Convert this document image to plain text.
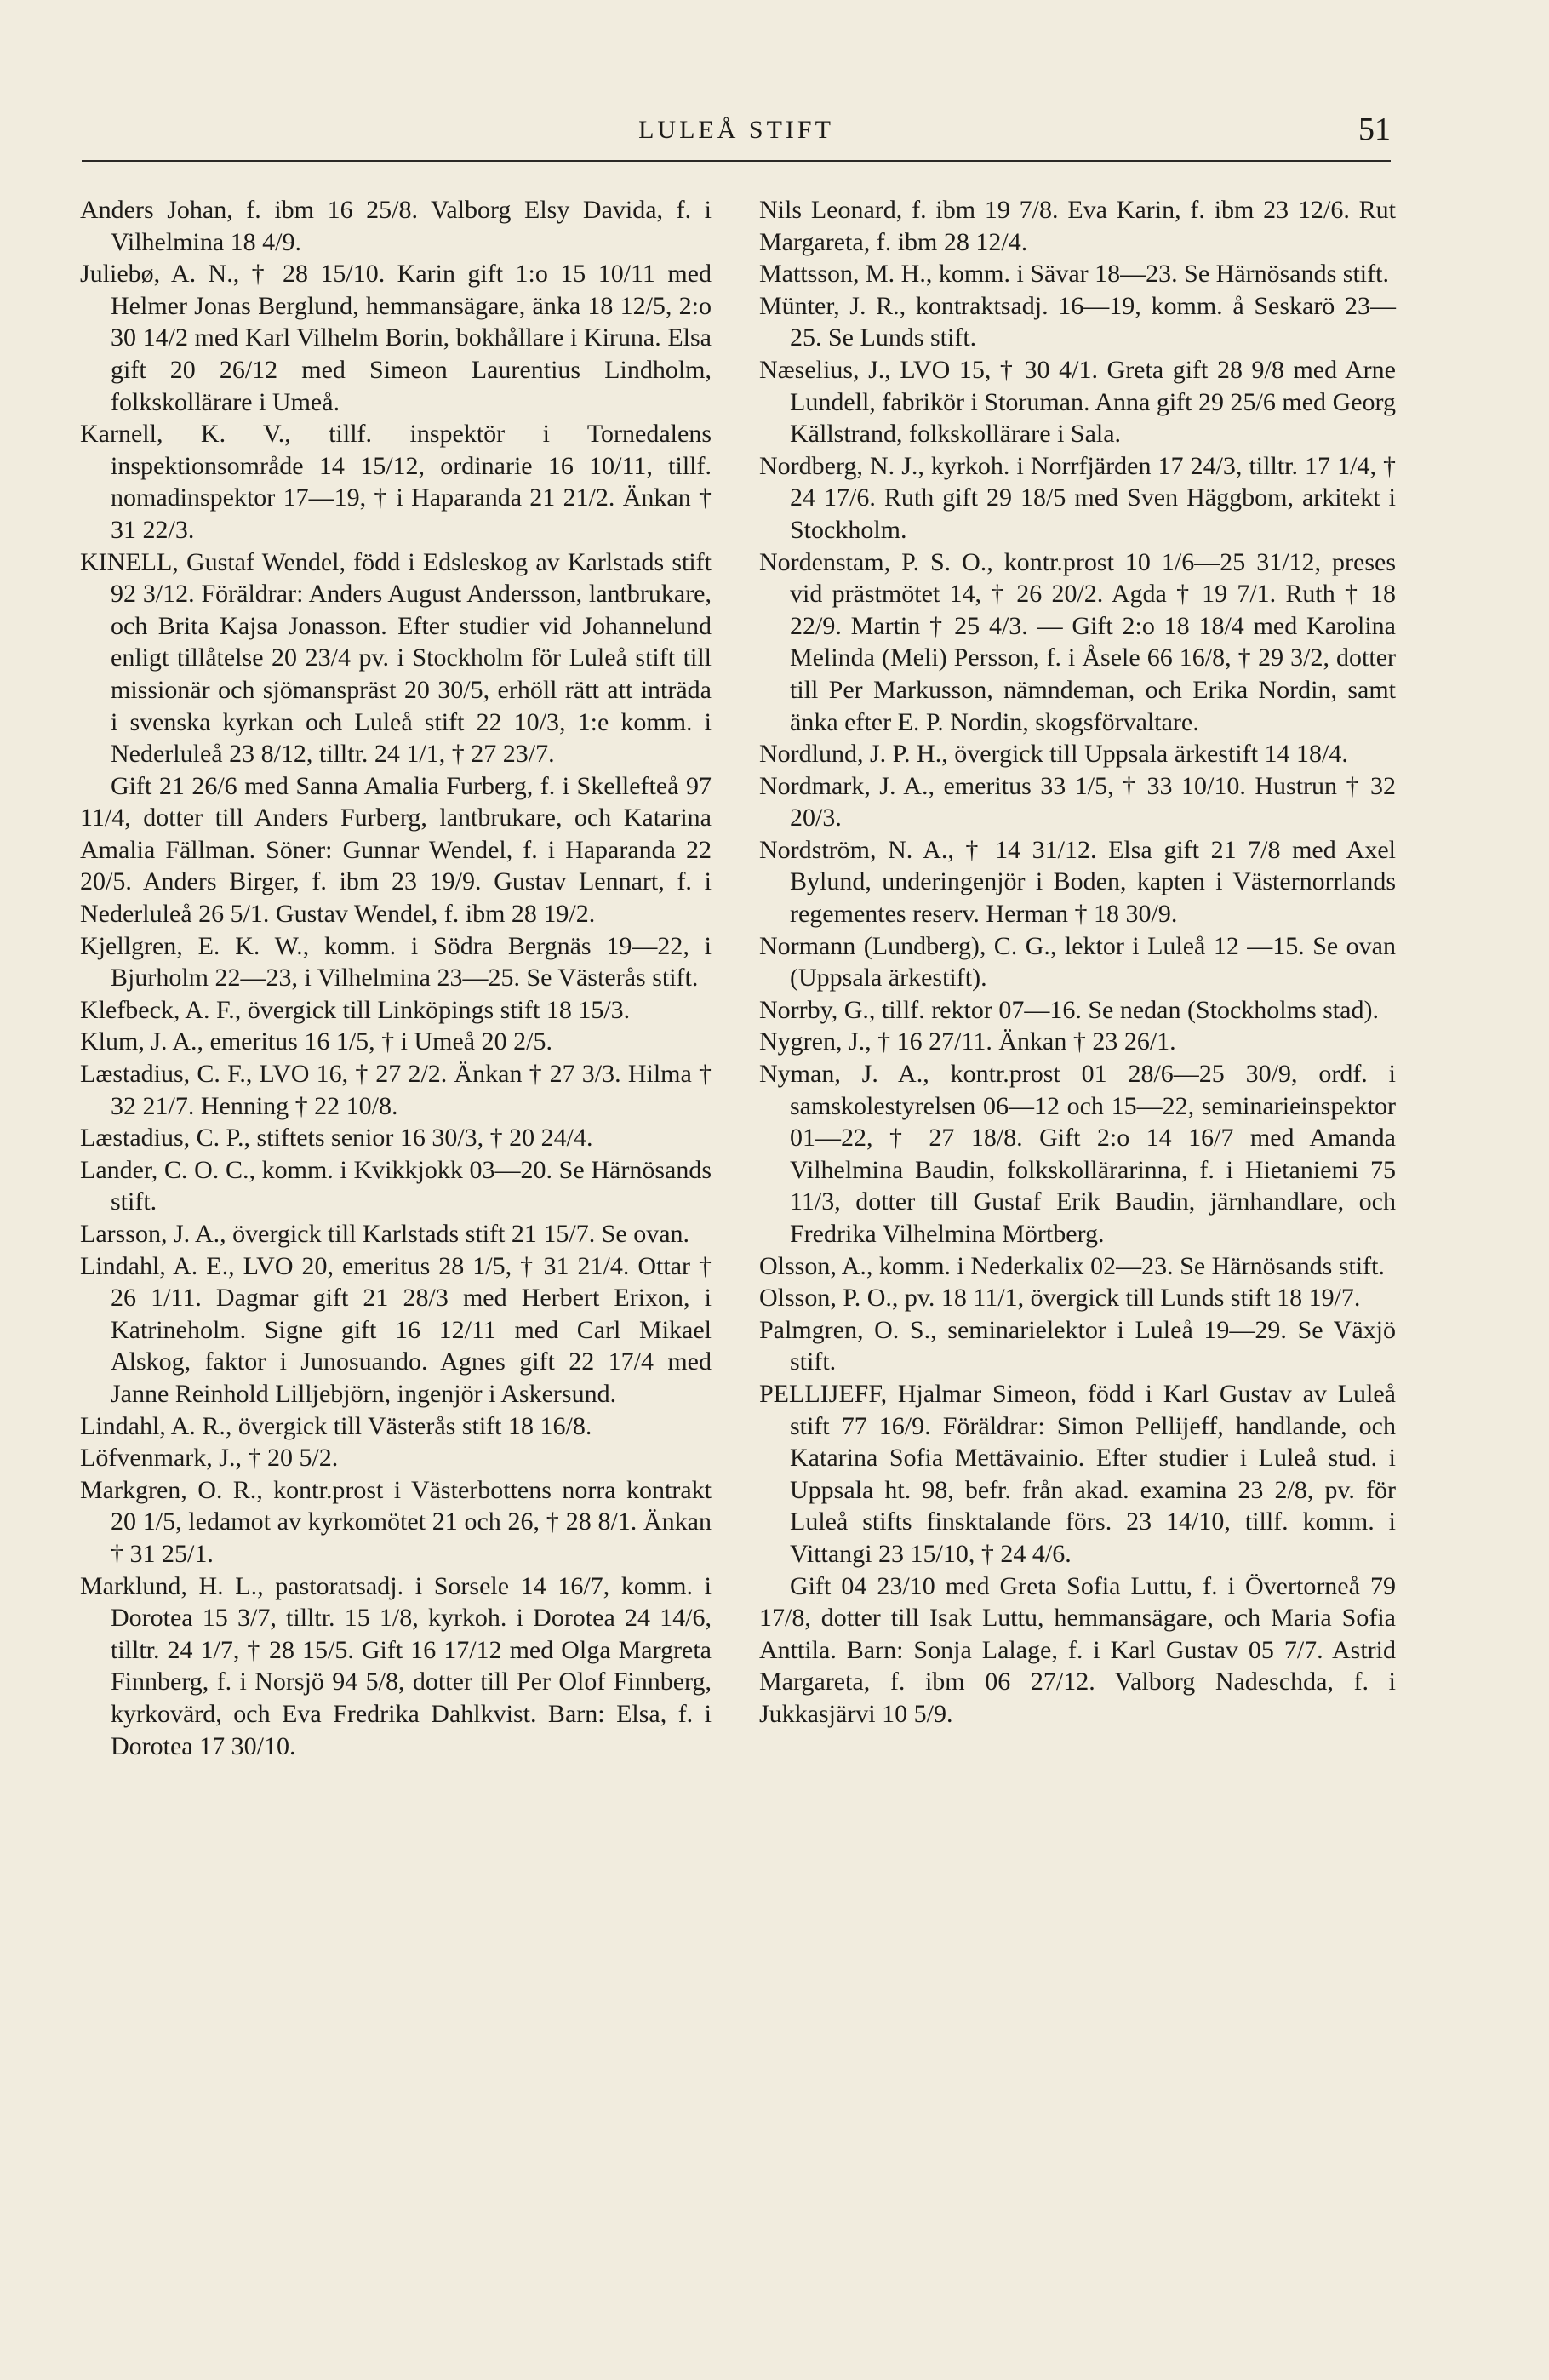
LULEÅ STIFT	51

Anders Johan, f. ibm 16 25/8. Valborg Elsy Davida, f. i Vilhelmina 18 4/9.

Juliebø, A. N., † 28 15/10. Karin gift 1:o 15 10/11 med Helmer Jonas Berglund, hemmansägare, änka 18 12/5, 2:o 30 14/2 med Karl Vilhelm Borin, bokhållare i Kiruna. Elsa gift 20 26/12 med Simeon Laurentius Lindholm, folkskollärare i Umeå.

Karnell, K. V., tillf. inspektör i Tornedalens inspektionsområde 14 15/12, ordinarie 16 10/11, tillf. nomadinspektor 17—19, † i Haparanda 21 21/2. Änkan † 31 22/3.

KINELL, Gustaf Wendel, född i Edsleskog av Karlstads stift 92 3/12. Föräldrar: Anders August Andersson, lantbrukare, och Brita Kajsa Jonasson. Efter studier vid Johannelund enligt tillåtelse 20 23/4 pv. i Stockholm för Luleå stift till missionär och sjömanspräst 20 30/5, erhöll rätt att inträda i svenska kyrkan och Luleå stift 22 10/3, 1:e komm. i Nederluleå 23 8/12, tilltr. 24 1/1, † 27 23/7.

Gift 21 26/6 med Sanna Amalia Furberg, f. i Skellefteå 97 11/4, dotter till Anders Furberg, lantbrukare, och Katarina Amalia Fällman. Söner: Gunnar Wendel, f. i Haparanda 22 20/5. Anders Birger, f. ibm 23 19/9. Gustav Lennart, f. i Nederluleå 26 5/1. Gustav Wendel, f. ibm 28 19/2.

Kjellgren, E. K. W., komm. i Södra Bergnäs 19—22, i Bjurholm 22—23, i Vilhelmina 23—25. Se Västerås stift.

Klefbeck, A. F., övergick till Linköpings stift 18 15/3.

Klum, J. A., emeritus 16 1/5, † i Umeå 20 2/5.

Læstadius, C. F., LVO 16, † 27 2/2. Änkan † 27 3/3. Hilma † 32 21/7. Henning † 22 10/8.

Læstadius, C. P., stiftets senior 16 30/3, † 20 24/4.

Lander, C. O. C., komm. i Kvikkjokk 03—20. Se Härnösands stift.

Larsson, J. A., övergick till Karlstads stift 21 15/7. Se ovan.

Lindahl, A. E., LVO 20, emeritus 28 1/5, † 31 21/4. Ottar † 26 1/11. Dagmar gift 21 28/3 med Herbert Erixon, i Katrineholm. Signe gift 16 12/11 med Carl Mikael Alskog, faktor i Junosuando. Agnes gift 22 17/4 med Janne Reinhold Lilljebjörn, ingenjör i Askersund.

Lindahl, A. R., övergick till Västerås stift 18 16/8.

Löfvenmark, J., † 20 5/2.

Markgren, O. R., kontr.prost i Västerbottens norra kontrakt 20 1/5, ledamot av kyrkomötet 21 och 26, † 28 8/1. Änkan † 31 25/1.

Marklund, H. L., pastoratsadj. i Sorsele 14 16/7, komm. i Dorotea 15 3/7, tilltr. 15 1/8, kyrkoh. i Dorotea 24 14/6, tilltr. 24 1/7, † 28 15/5. Gift 16 17/12 med Olga Margreta Finnberg, f. i Norsjö 94 5/8, dotter till Per Olof Finnberg, kyrkovärd, och Eva Fredrika Dahlkvist. Barn: Elsa, f. i Dorotea 17 30/10.

Nils Leonard, f. ibm 19 7/8. Eva Karin, f. ibm 23 12/6. Rut Margareta, f. ibm 28 12/4.

Mattsson, M. H., komm. i Sävar 18—23. Se Härnösands stift.

Münter, J. R., kontraktsadj. 16—19, komm. å Seskarö 23—25. Se Lunds stift.

Næselius, J., LVO 15, † 30 4/1. Greta gift 28 9/8 med Arne Lundell, fabrikör i Storuman. Anna gift 29 25/6 med Georg Källstrand, folkskollärare i Sala.

Nordberg, N. J., kyrkoh. i Norrfjärden 17 24/3, tilltr. 17 1/4, † 24 17/6. Ruth gift 29 18/5 med Sven Häggbom, arkitekt i Stockholm.

Nordenstam, P. S. O., kontr.prost 10 1/6—25 31/12, preses vid prästmötet 14, † 26 20/2. Agda † 19 7/1. Ruth † 18 22/9. Martin † 25 4/3. — Gift 2:o 18 18/4 med Karolina Melinda (Meli) Persson, f. i Åsele 66 16/8, † 29 3/2, dotter till Per Markusson, nämndeman, och Erika Nordin, samt änka efter E. P. Nordin, skogsförvaltare.

Nordlund, J. P. H., övergick till Uppsala ärkestift 14 18/4.

Nordmark, J. A., emeritus 33 1/5, † 33 10/10. Hustrun † 32 20/3.

Nordström, N. A., † 14 31/12. Elsa gift 21 7/8 med Axel Bylund, underingenjör i Boden, kapten i Västernorrlands regementes reserv. Herman † 18 30/9.

Normann (Lundberg), C. G., lektor i Luleå 12 —15. Se ovan (Uppsala ärkestift).

Norrby, G., tillf. rektor 07—16. Se nedan (Stockholms stad).

Nygren, J., † 16 27/11. Änkan † 23 26/1.

Nyman, J. A., kontr.prost 01 28/6—25 30/9, ordf. i samskolestyrelsen 06—12 och 15—22, seminarieinspektor 01—22, † 27 18/8. Gift 2:o 14 16/7 med Amanda Vilhelmina Baudin, folkskollärarinna, f. i Hietaniemi 75 11/3, dotter till Gustaf Erik Baudin, järnhandlare, och Fredrika Vilhelmina Mörtberg.

Olsson, A., komm. i Nederkalix 02—23. Se Härnösands stift.

Olsson, P. O., pv. 18 11/1, övergick till Lunds stift 18 19/7.

Palmgren, O. S., seminarielektor i Luleå 19—29. Se Växjö stift.

PELLIJEFF, Hjalmar Simeon, född i Karl Gustav av Luleå stift 77 16/9. Föräldrar: Simon Pellijeff, handlande, och Katarina Sofia Mettävainio. Efter studier i Luleå stud. i Uppsala ht. 98, befr. från akad. examina 23 2/8, pv. för Luleå stifts finsktalande förs. 23 14/10, tillf. komm. i Vittangi 23 15/10, † 24 4/6.

Gift 04 23/10 med Greta Sofia Luttu, f. i Övertorneå 79 17/8, dotter till Isak Luttu, hemmansägare, och Maria Sofia Anttila. Barn: Sonja Lalage, f. i Karl Gustav 05 7/7. Astrid Margareta, f. ibm 06 27/12. Valborg Nadeschda, f. i Jukkasjärvi 10 5/9.
